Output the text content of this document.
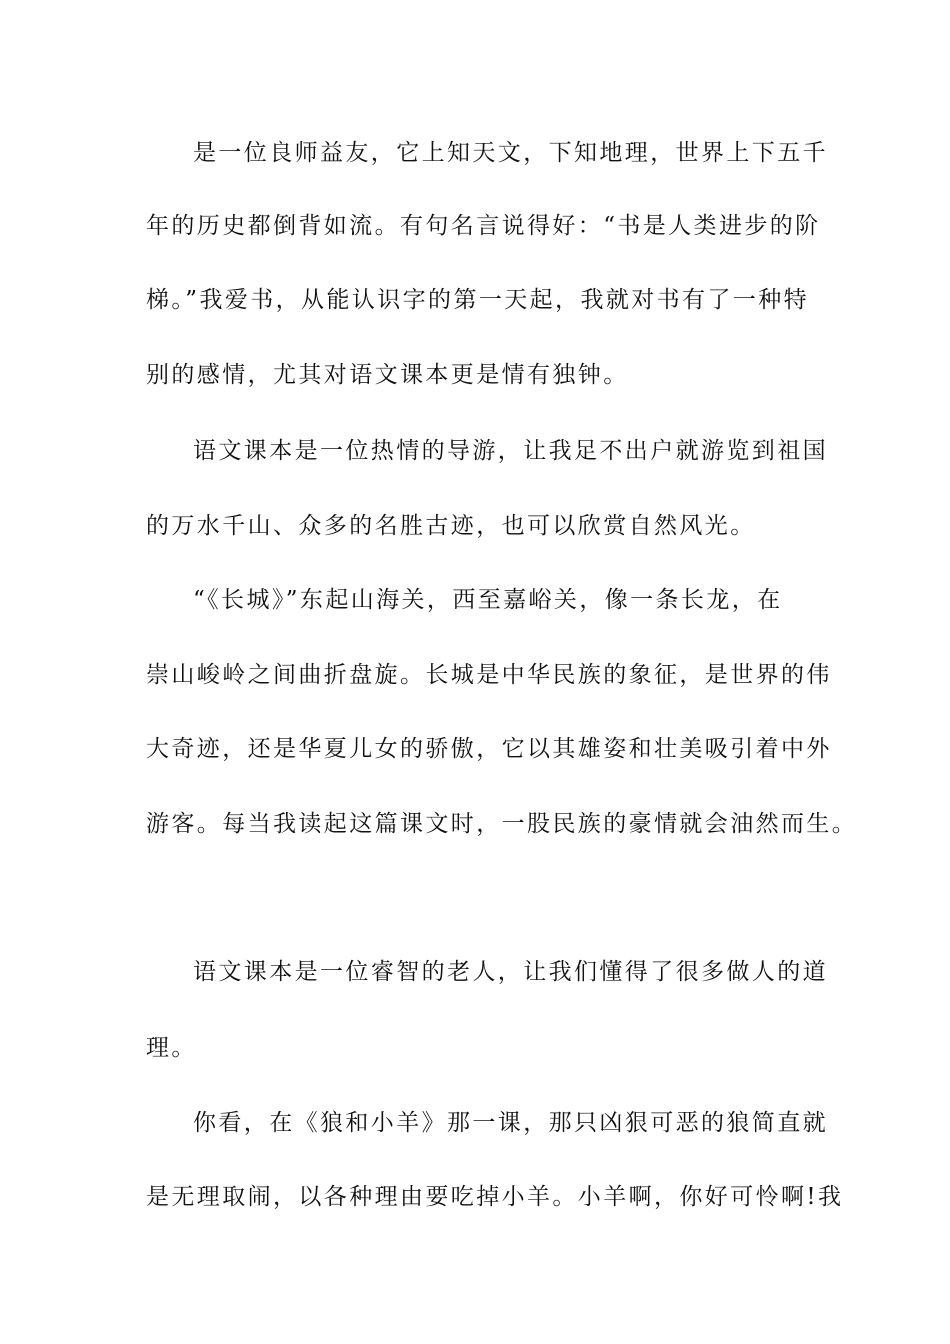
是一位良师益友，它上知天文，下知地理，世界上下五千
年的历史都倒背如流。有句名言说得好：“书是人类进步的阶
梯。”我爱书，从能认识字的第一天起，我就对书有了一种特
别的感情，尤其对语文课本更是情有独钟。
语文课本是一位热情的导游，让我足不出户就游览到祖国
的万水千山、众多的名胜古迹，也可以欣赏自然风光。
“《长城》”东起山海关，西至嘉峪关，像一条长龙，在
崇山峻岭之间曲折盘旋。长城是中华民族的象征，是世界的伟
大奇迹，还是华夏儿女的骄傲，它以其雄姿和壮美吸引着中外
游客。每当我读起这篇课文时，一股民族的豪情就会油然而生。
语文课本是一位睿智的老人，让我们懂得了很多做人的道
理。
你看，在《狼和小羊》那一课，那只凶狠可恶的狼简直就
是无理取闹，以各种理由要吃掉小羊。小羊啊，你好可怜啊!我
